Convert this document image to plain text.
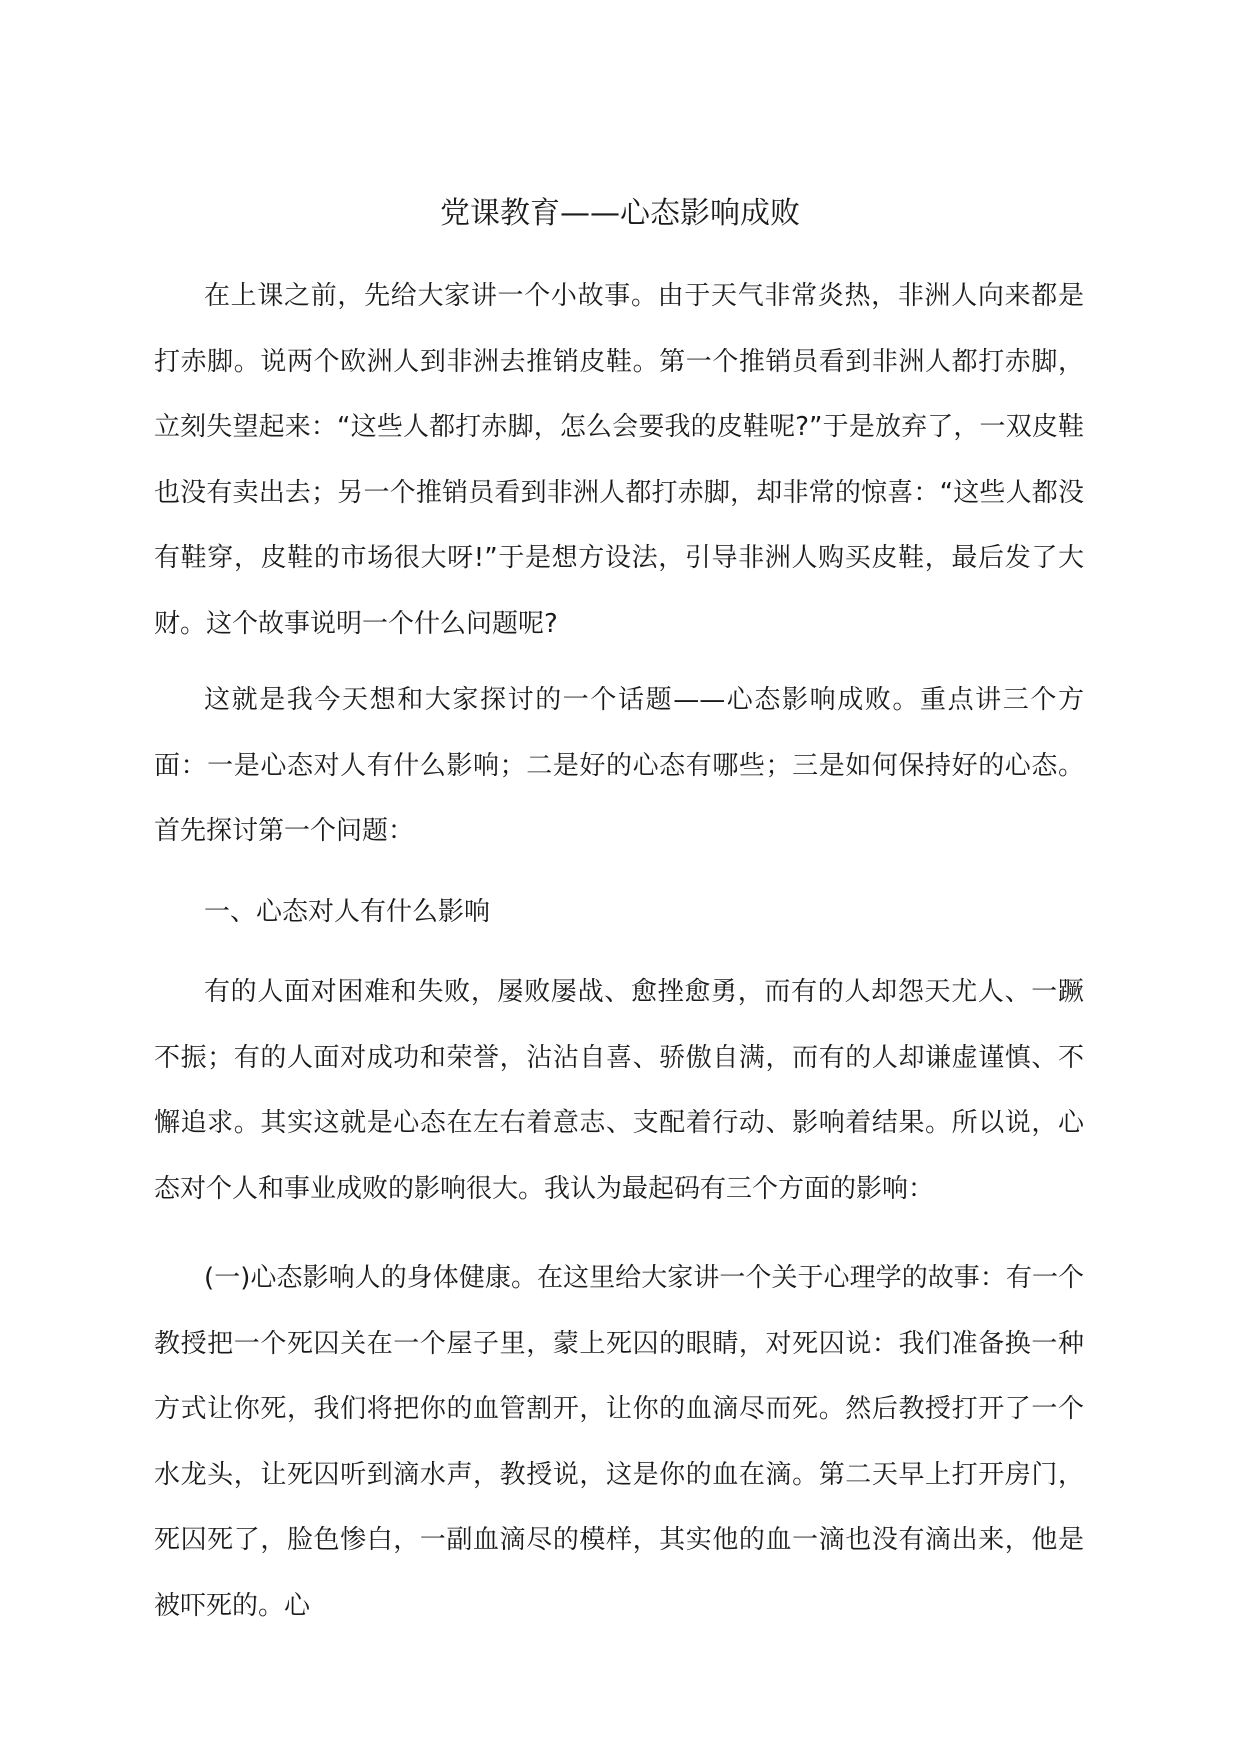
党课教育——心态影响成败

在上课之前，先给大家讲一个小故事。由于天气非常炎热，非洲人向来都是打赤脚。说两个欧洲人到非洲去推销皮鞋。第一个推销员看到非洲人都打赤脚，立刻失望起来：“这些人都打赤脚，怎么会要我的皮鞋呢?”于是放弃了，一双皮鞋也没有卖出去；另一个推销员看到非洲人都打赤脚，却非常的惊喜：“这些人都没有鞋穿，皮鞋的市场很大呀!”于是想方设法，引导非洲人购买皮鞋，最后发了大财。这个故事说明一个什么问题呢?

这就是我今天想和大家探讨的一个话题——心态影响成败。重点讲三个方面：一是心态对人有什么影响；二是好的心态有哪些；三是如何保持好的心态。首先探讨第一个问题：

一、心态对人有什么影响

有的人面对困难和失败，屡败屡战、愈挫愈勇，而有的人却怨天尤人、一蹶不振；有的人面对成功和荣誉，沾沾自喜、骄傲自满，而有的人却谦虚谨慎、不懈追求。其实这就是心态在左右着意志、支配着行动、影响着结果。所以说，心态对个人和事业成败的影响很大。我认为最起码有三个方面的影响：

(一)心态影响人的身体健康。在这里给大家讲一个关于心理学的故事：有一个教授把一个死囚关在一个屋子里，蒙上死囚的眼睛，对死囚说：我们准备换一种方式让你死，我们将把你的血管割开，让你的血滴尽而死。然后教授打开了一个水龙头，让死囚听到滴水声，教授说，这是你的血在滴。第二天早上打开房门，死囚死了，脸色惨白，一副血滴尽的模样，其实他的血一滴也没有滴出来，他是被吓死的。心
